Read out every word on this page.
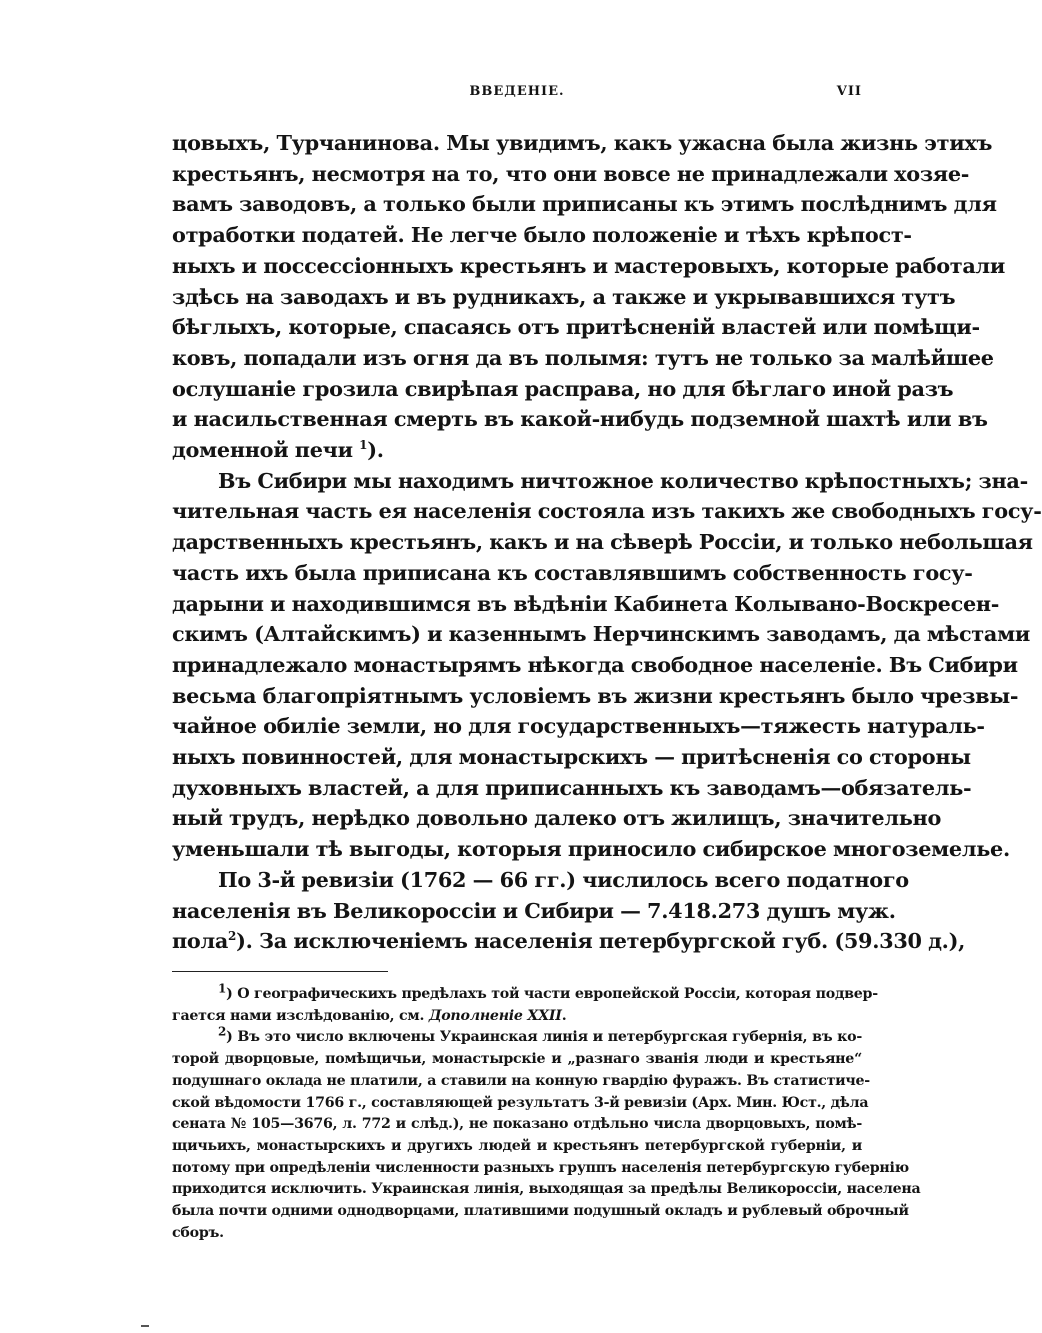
ВВЕДЕНІЕ.	VII
цовыхъ, Турчанинова. Мы увидимъ, какъ ужасна была жизнь этихъ
крестьянъ, несмотря на то, что они вовсе не принадлежали хозяе-
вамъ заводовъ, а только были приписаны къ этимъ послѣднимъ для
отработки податей. Не легче было положеніе и тѣхъ крѣпост-
ныхъ и поссессіонныхъ крестьянъ и мастеровыхъ, которые работали
здѣсь на заводахъ и въ рудникахъ, а также и укрывавшихся тутъ
бѣглыхъ, которые, спасаясь отъ притѣсненій властей или помѣщи-
ковъ, попадали изъ огня да въ полымя: тутъ не только за малѣйшее
ослушаніе грозила свирѣпая расправа, но для бѣглаго иной разъ
и насильственная смерть въ какой-нибудь подземной шахтѣ или въ
доменной печи $^1$).
Въ Сибири мы находимъ ничтожное количество крѣпостныхъ; зна-
чительная часть ея населенія состояла изъ такихъ же свободныхъ госу-
дарственныхъ крестьянъ, какъ и на сѣверѣ Россіи, и только небольшая
часть ихъ была приписана къ составлявшимъ собственность госу-
дарыни и находившимся въ вѣдѣніи Кабинета Колывано-Воскресен-
скимъ (Алтайскимъ) и казеннымъ Нерчинскимъ заводамъ, да мѣстами
принадлежало монастырямъ нѣкогда свободное населеніе. Въ Сибири
весьма благопріятнымъ условіемъ въ жизни крестьянъ было чрезвы-
чайное обиліе земли, но для государственныхъ—тяжесть натураль-
ныхъ повинностей, для монастырскихъ — притѣсненія со стороны
духовныхъ властей, а для приписанныхъ къ заводамъ—обязатель-
ный трудъ, нерѣдко довольно далеко отъ жилищъ, значительно
уменьшали тѣ выгоды, которыя приносило сибирское многоземелье.
По 3-й ревизіи (1762 — 66 гг.) числилось всего податного
населенія въ Великороссіи и Сибири — 7.418.273 душъ муж.
пола$^2$). За исключеніемъ населенія петербургской губ. (59.330 д.),
$^1$) О географическихъ предѣлахъ той части европейской Россіи, которая подвер-
гается нами изслѣдованію, см. Дополненіе XXII.
$^2$) Въ это число включены Украинская линія и петербургская губернія, въ ко-
торой дворцовые, помѣщичьи, монастырскіе и „разнаго званія люди и крестьяне“
подушнаго оклада не платили, а ставили на конную гвардію фуражъ. Въ статистиче-
ской вѣдомости 1766 г., составляющей результатъ 3-й ревизіи (Арх. Мин. Юст., дѣла
сената № 105—3676, л. 772 и слѣд.), не показано отдѣльно числа дворцовыхъ, помѣ-
щичьихъ, монастырскихъ и другихъ людей и крестьянъ петербургской губерніи, и
потому при опредѣленіи численности разныхъ группъ населенія петербургскую губернію
приходится исключить. Украинская линія, выходящая за предѣлы Великороссіи, населена
была почти одними однодворцами, платившими подушный окладъ и рублевый оброчный
сборъ.
